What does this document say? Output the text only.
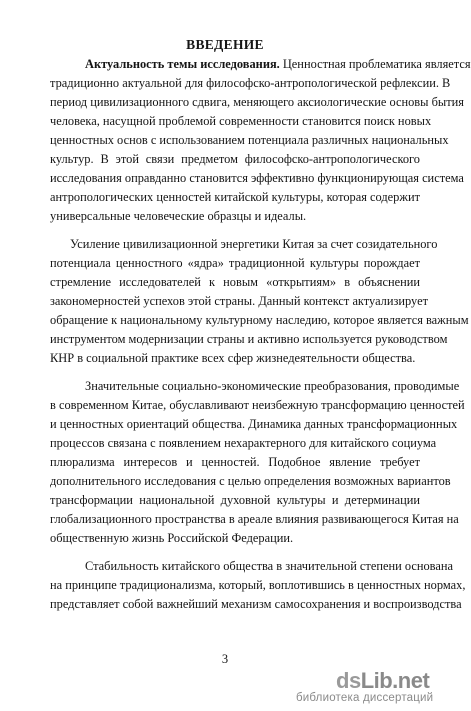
ВВЕДЕНИЕ
Актуальность темы исследования. Ценностная проблематика является
традиционно актуальной для философско-антропологической рефлексии. В
период цивилизационного сдвига, меняющего аксиологические основы бытия
человека, насущной проблемой современности становится поиск новых
ценностных основ с использованием потенциала различных национальных
культур. В этой связи предметом философско-антропологического
исследования оправданно становится эффективно функционирующая система
антропологических ценностей китайской культуры, которая содержит
универсальные человеческие образцы и идеалы.
Усиление цивилизационной энергетики Китая за счет созидательного
потенциала ценностного «ядра» традиционной культуры порождает
стремление исследователей к новым «открытиям» в объяснении
закономерностей успехов этой страны. Данный контекст актуализирует
обращение к национальному культурному наследию, которое является важным
инструментом модернизации страны и активно используется руководством
КНР в социальной практике всех сфер жизнедеятельности общества.
Значительные социально-экономические преобразования, проводимые
в современном Китае, обуславливают неизбежную трансформацию ценностей
и ценностных ориентаций общества. Динамика данных трансформационных
процессов связана с появлением нехарактерного для китайского социума
плюрализма интересов и ценностей. Подобное явление требует
дополнительного исследования с целью определения возможных вариантов
трансформации национальной духовной культуры и детерминации
глобализационного пространства в ареале влияния развивающегося Китая на
общественную жизнь Российской Федерации.
Стабильность китайского общества в значительной степени основана
на принципе традиционализма, который, воплотившись в ценностных нормах,
представляет собой важнейший механизм самосохранения и воспроизводства
3
dsLib.net
библиотека диссертаций
